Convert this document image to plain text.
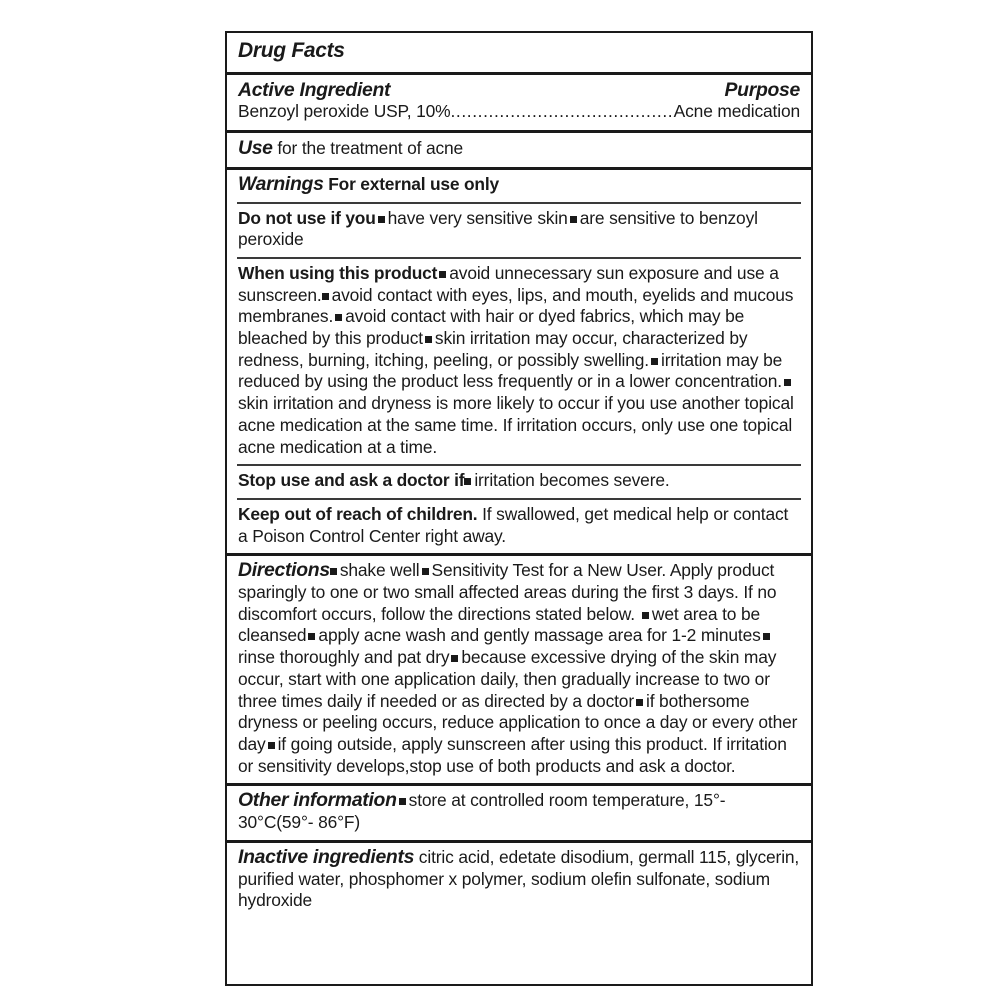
Drug Facts
Active Ingredient	Purpose
Benzoyl peroxide USP, 10% .....	Acne medication
Use for the treatment of acne
Warnings For external use only
Do not use if you have very sensitive skin are sensitive to benzoyl peroxide
When using this product avoid unnecessary sun exposure and use a sunscreen. avoid contact with eyes, lips, and mouth, eyelids and mucous membranes. avoid contact with hair or dyed fabrics, which may be bleached by this product skin irritation may occur, characterized by redness, burning, itching, peeling, or possibly swelling. irritation may be reduced by using the product less frequently or in a lower concentration.skin irritation and dryness is more likely to occur if you use another topical acne medication at the same time. If irritation occurs, only use one topical acne medication at a time.
Stop use and ask a doctor if irritation becomes severe.
Keep out of reach of children. If swallowed, get medical help or contact a Poison Control Center right away.
Directions shake well Sensitivity Test for a New User. Apply product sparingly to one or two small affected areas during the first 3 days. If no discomfort occurs, follow the directions stated below. wet area to be cleansed apply acne wash and gently massage area for 1-2 minutesrinse thoroughly and pat dry because excessive drying of the skin may occur, start with one application daily, then gradually increase to two or three times daily if needed or as directed by a doctor if bothersome dryness or peeling occurs, reduce application to once a day or every other day if going outside, apply sunscreen after using this product. If irritation or sensitivity develops,stop use of both products and ask a doctor.
Other information store at controlled room temperature, 15°- 30°C(59°- 86°F)
Inactive ingredients citric acid, edetate disodium, germall 115, glycerin, purified water, phosphomer x polymer, sodium olefin sulfonate, sodium hydroxide
